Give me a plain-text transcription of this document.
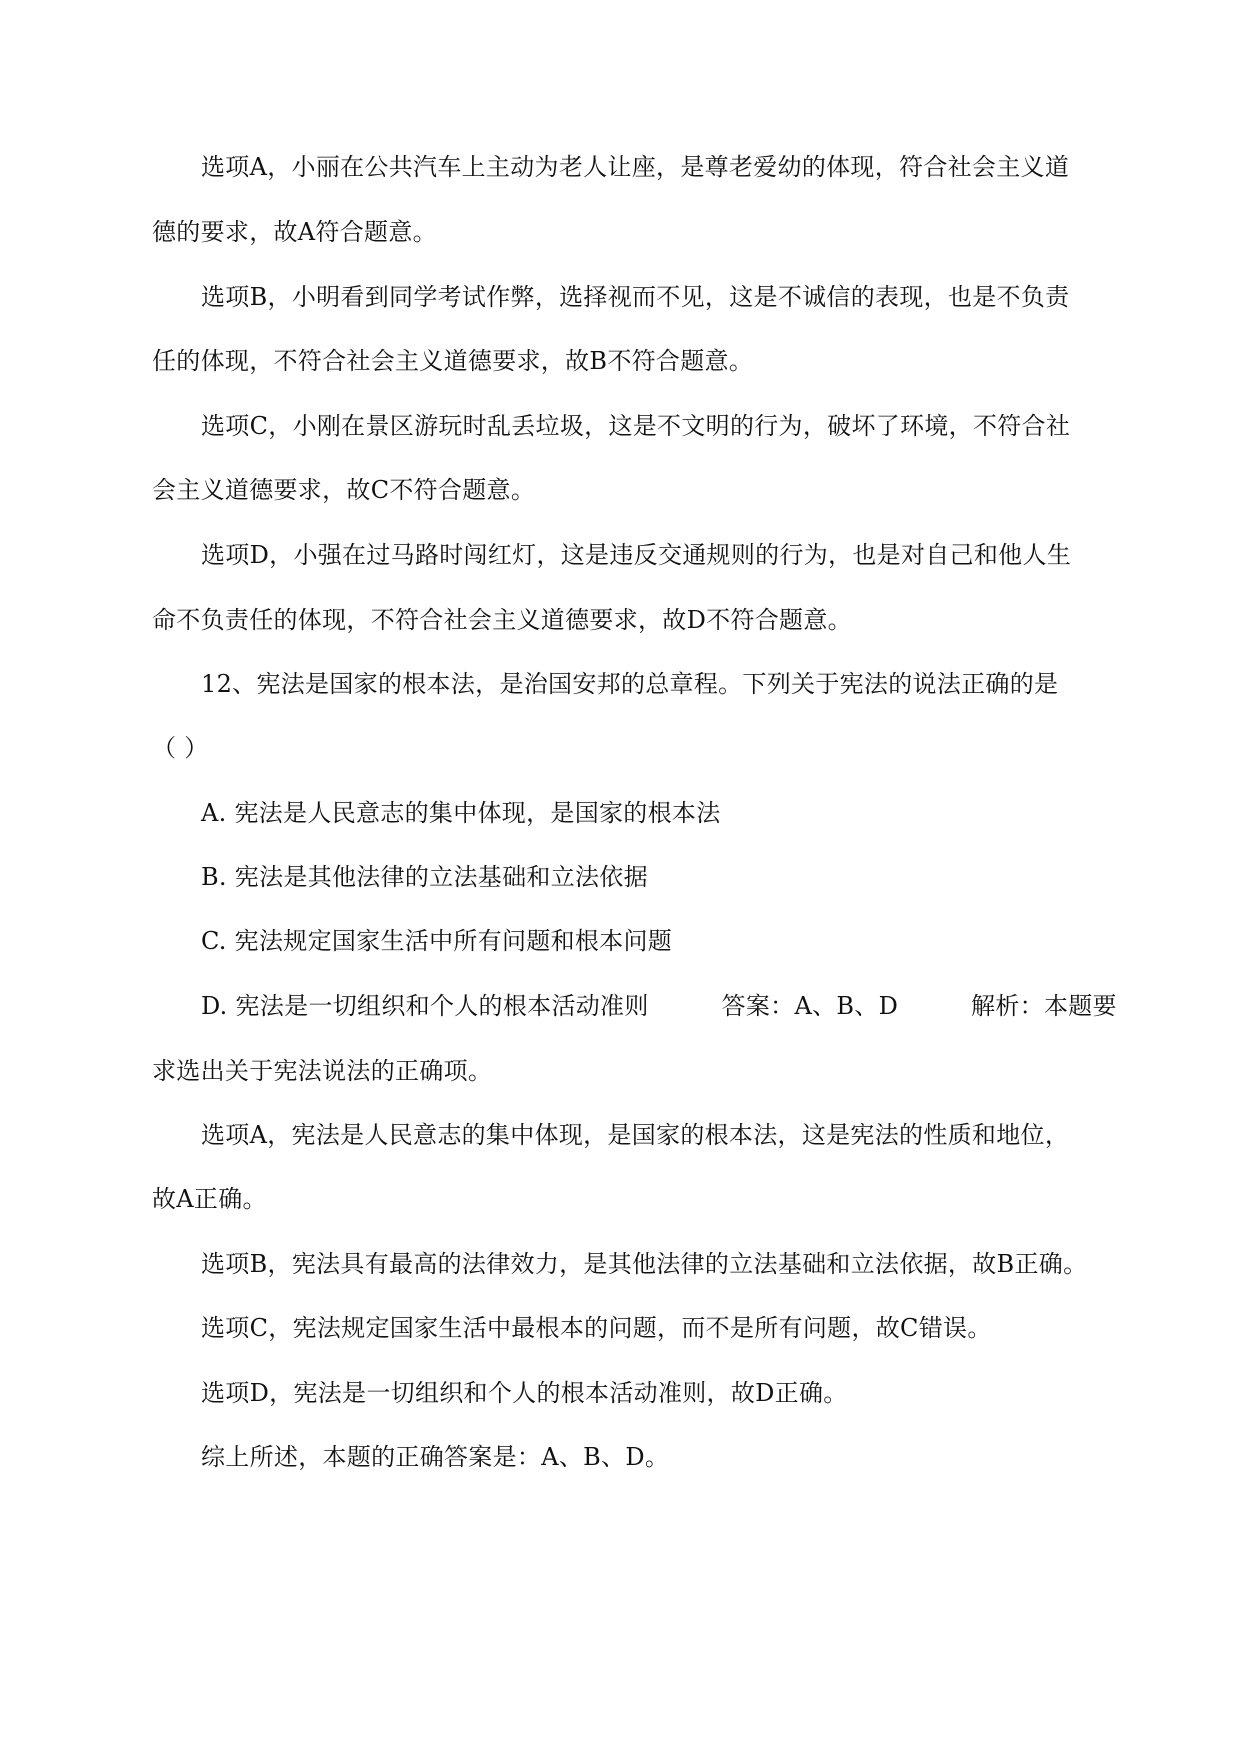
选项A，小丽在公共汽车上主动为老人让座，是尊老爱幼的体现，符合社会主义道
德的要求，故A符合题意。
选项B，小明看到同学考试作弊，选择视而不见，这是不诚信的表现，也是不负责
任的体现，不符合社会主义道德要求，故B不符合题意。
选项C，小刚在景区游玩时乱丢垃圾，这是不文明的行为，破坏了环境，不符合社
会主义道德要求，故C不符合题意。
选项D，小强在过马路时闯红灯，这是违反交通规则的行为，也是对自己和他人生
命不负责任的体现，不符合社会主义道德要求，故D不符合题意。
12、宪法是国家的根本法，是治国安邦的总章程。下列关于宪法的说法正确的是
（ ）
A. 宪法是人民意志的集中体现，是国家的根本法
B. 宪法是其他法律的立法基础和立法依据
C. 宪法规定国家生活中所有问题和根本问题
D. 宪法是一切组织和个人的根本活动准则　　　答案：A、B、D　　　解析：本题要
求选出关于宪法说法的正确项。
选项A，宪法是人民意志的集中体现，是国家的根本法，这是宪法的性质和地位，
故A正确。
选项B，宪法具有最高的法律效力，是其他法律的立法基础和立法依据，故B正确。
选项C，宪法规定国家生活中最根本的问题，而不是所有问题，故C错误。
选项D，宪法是一切组织和个人的根本活动准则，故D正确。
综上所述，本题的正确答案是：A、B、D。
